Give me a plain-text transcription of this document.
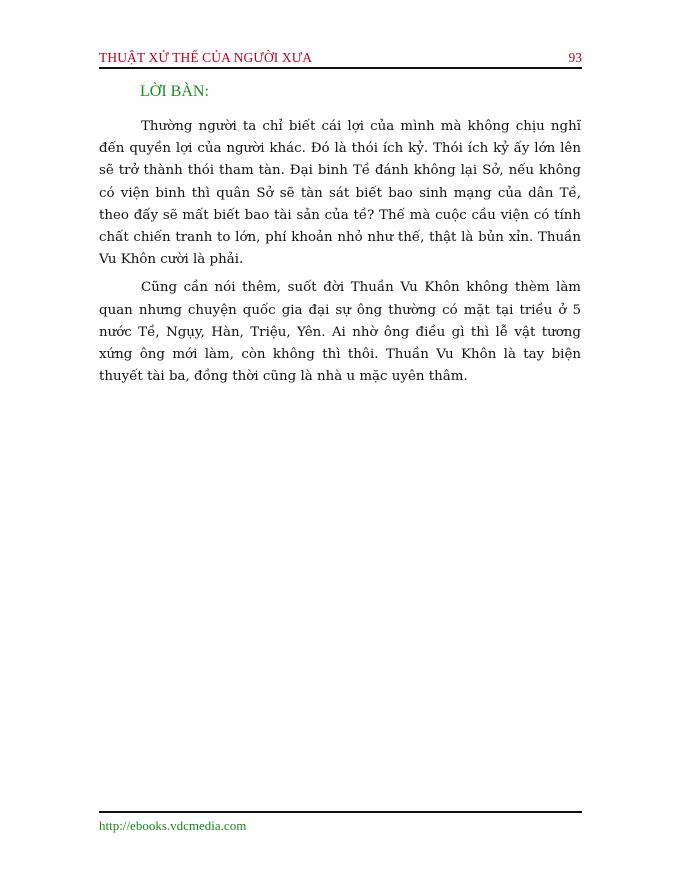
THUẬT XỬ THẾ CỦA NGƯỜI XƯA	93
LỜI BÀN:

Thường người ta chỉ biết cái lợi của mình mà không chịu nghĩ đến quyền lợi của người khác. Đó là thói ích kỷ. Thói ích kỷ ấy lớn lên sẽ trở thành thói tham tàn. Đại binh Tề đánh không lại Sở, nếu không có viện binh thì quân Sở sẽ tàn sát biết bao sinh mạng của dân Tề, theo đấy sẽ mất biết bao tài sản của tề? Thế mà cuộc cầu viện có tính chất chiến tranh to lớn, phí khoản nhỏ như thế, thật là bủn xỉn. Thuần Vu Khôn cười là phải.

Cũng cần nói thêm, suốt đời Thuần Vu Khôn không thèm làm quan nhưng chuyện quốc gia đại sự ông thường có mặt tại triều ở 5 nước Tề, Ngụy, Hàn, Triệu, Yên. Ai nhờ ông điều gì thì lễ vật tương xứng ông mới làm, còn không thì thôi. Thuần Vu Khôn là tay biện thuyết tài ba, đồng thời cũng là nhà u mặc uyên thâm.

http://ebooks.vdcmedia.com
